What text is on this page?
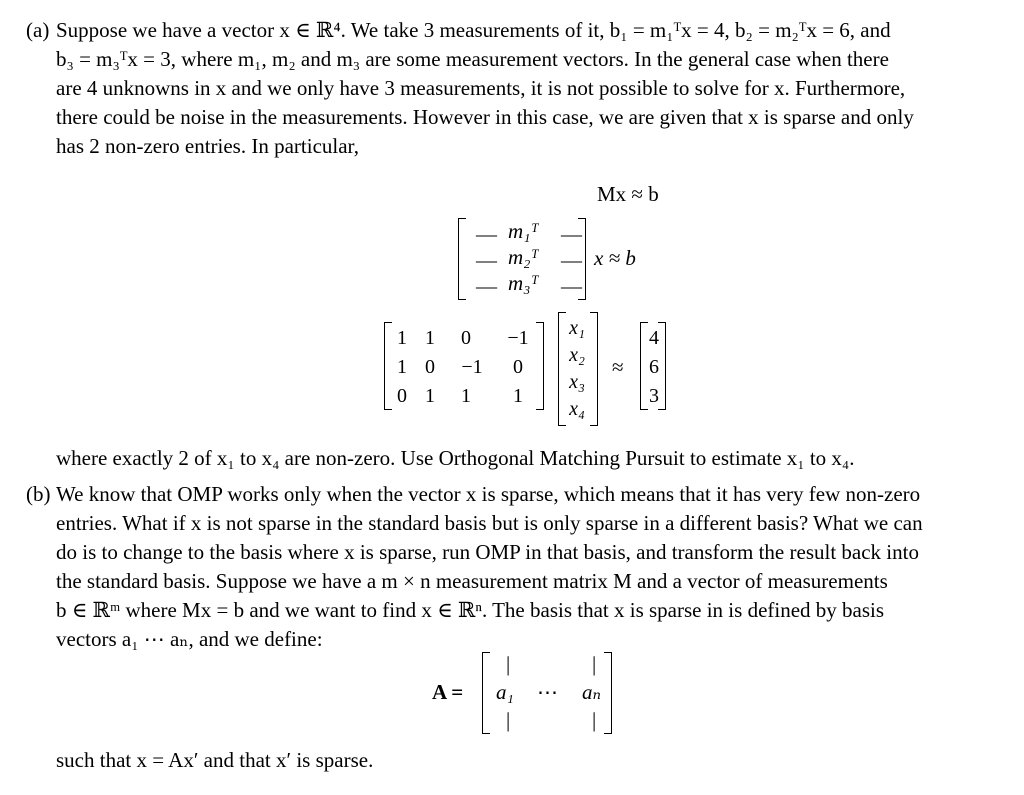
(a) Suppose we have a vector x ∈ ℝ⁴. We take 3 measurements of it, b₁ = m₁ᵀx = 4, b₂ = m₂ᵀx = 6, and
b₃ = m₃ᵀx = 3, where m₁, m₂ and m₃ are some measurement vectors. In the general case when there
are 4 unknowns in x and we only have 3 measurements, it is not possible to solve for x. Furthermore,
there could be noise in the measurements. However in this case, we are given that x is sparse and only
has 2 non-zero entries. In particular,
Mx ≈ b
— m₁ᵀ —
— m₂ᵀ —
— m₃ᵀ —
x ≈ b
1 1	0	−1
1 0	−1	0
0 1	1	1
x₁
x₂
x₃
x₄
≈
4
6
3
where exactly 2 of x₁ to x₄ are non-zero. Use Orthogonal Matching Pursuit to estimate x₁ to x₄.
(b) We know that OMP works only when the vector x is sparse, which means that it has very few non-zero
entries. What if x is not sparse in the standard basis but is only sparse in a different basis? What we can
do is to change to the basis where x is sparse, run OMP in that basis, and transform the result back into
the standard basis. Suppose we have a m × n measurement matrix M and a vector of measurements
b ∈ ℝᵐ where Mx = b and we want to find x ∈ ℝⁿ. The basis that x is sparse in is defined by basis
vectors a₁ ⋯ aₙ, and we define:
A =
|
a₁
|
⋯
|
aₙ
|
such that x = Ax′ and that x′ is sparse.
